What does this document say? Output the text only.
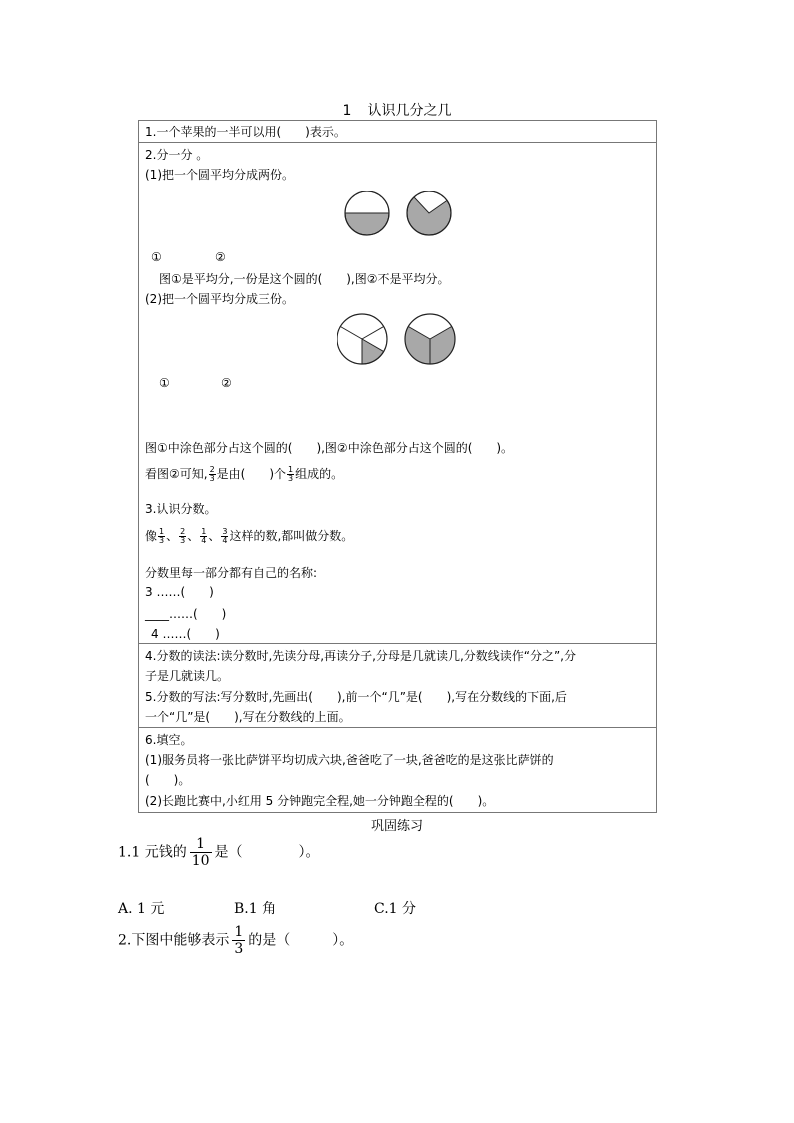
1 认识几分之几
1.一个苹果的一半可以用(　　)表示。
2.分一分 。
(1)把一个圆平均分成两份。
①	②
图①是平均分,一份是这个圆的(　　),图②不是平均分。
(2)把一个圆平均分成三份。
①	②
图①中涂色部分占这个圆的(　　),图②中涂色部分占这个圆的(　　)。
看图②可知, $\frac{2}{3}$ 是由(　　)个 $\frac{1}{3}$ 组成的。
3.认识分数。
像 $\frac{1}{3}$ 、 $\frac{2}{3}$ 、 $\frac{1}{4}$ 、 $\frac{3}{4}$ 这样的数,都叫做分数。
分数里每一部分都有自己的名称:
3 ……(　　)
____……(　　)
4 ……(　　)
4.分数的读法:读分数时,先读分母,再读分子,分母是几就读几,分数线读作“分之”,分
子是几就读几。
5.分数的写法:写分数时,先画出(　　),前一个“几”是(　　),写在分数线的下面,后
一个“几”是(　　),写在分数线的上面。
6.填空。
(1)服务员将一张比萨饼平均切成六块,爸爸吃了一块,爸爸吃的是这张比萨饼的
(　　)。
(2)长跑比赛中,小红用 5 分钟跑完全程,她一分钟跑全程的(　　)。
巩固练习
1.1 元钱的 $\frac{1}{10}$ 是（　　　　）。
A. 1 元	B.1 角	C.1 分
2.下图中能够表示 $\frac{1}{3}$ 的是（　　　）。
